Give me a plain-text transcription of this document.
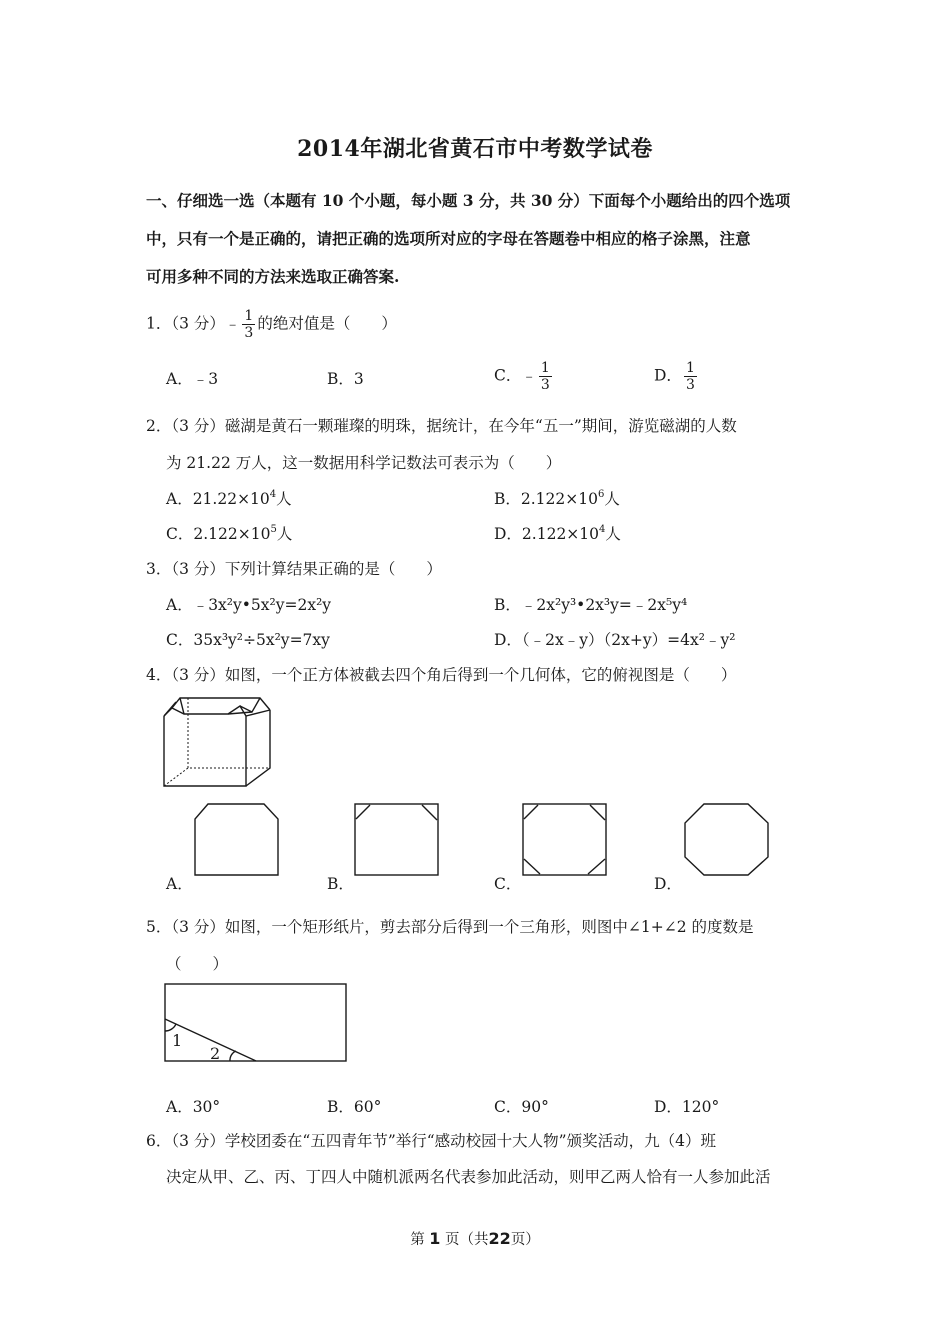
2014年湖北省黄石市中考数学试卷
一、仔细选一选（本题有 10 个小题，每小题 3 分，共 30 分）下面每个小题给出的四个选项
中，只有一个是正确的，请把正确的选项所对应的字母在答题卷中相应的格子涂黑，注意
可用多种不同的方法来选取正确答案.
1．（3 分）﹣ $\frac{1}{3}$ 的绝对值是（　　）
A．﹣3	B．3	C．﹣ $\frac{1}{3}$	D． $\frac{1}{3}$
2．（3 分）磁湖是黄石一颗璀璨的明珠，据统计，在今年“五一”期间，游览磁湖的人数
为 21.22 万人，这一数据用科学记数法可表示为（　　）
A．$21.22\times 10^4$人	B．$2.122\times 10^6$人
C．$2.122\times 10^5$人	D．$2.122\times 10^4$人
3．（3 分）下列计算结果正确的是（　　）
A．﹣3x²y•5x²y=2x²y	B．﹣2x²y³•2x³y=﹣2x⁵y⁴
C．35x³y²÷5x²y=7xy	D．（﹣2x﹣y）（2x+y）=4x²﹣y²
4．（3 分）如图，一个正方体被截去四个角后得到一个几何体，它的俯视图是（　　）
A．	B．	C．	D．
5．（3 分）如图，一个矩形纸片，剪去部分后得到一个三角形，则图中∠1+∠2 的度数是
（　　）
1
2
A．30°	B．60°	C．90°	D．120°
6．（3 分）学校团委在“五四青年节”举行“感动校园十大人物”颁奖活动，九（4）班
决定从甲、乙、丙、丁四人中随机派两名代表参加此活动，则甲乙两人恰有一人参加此活
第 1 页（共22页）
